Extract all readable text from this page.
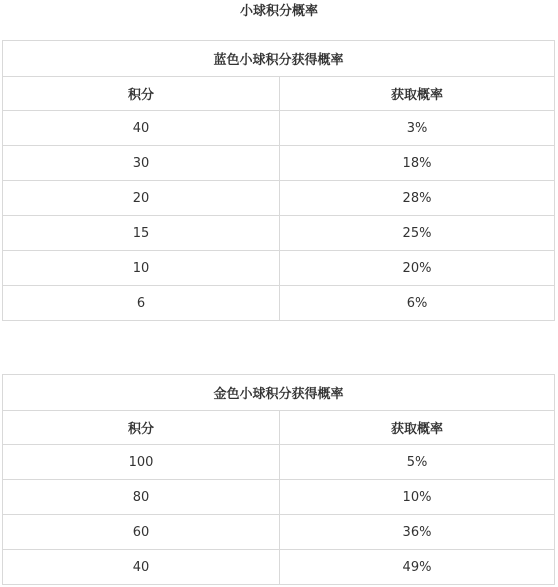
小球积分概率
蓝色小球积分获得概率	
积分	获取概率
40	3%
30	18%
20	28%
15	25%
10	20%
6	6%
金色小球积分获得概率	
积分	获取概率
100	5%
80	10%
60	36%
40	49%
